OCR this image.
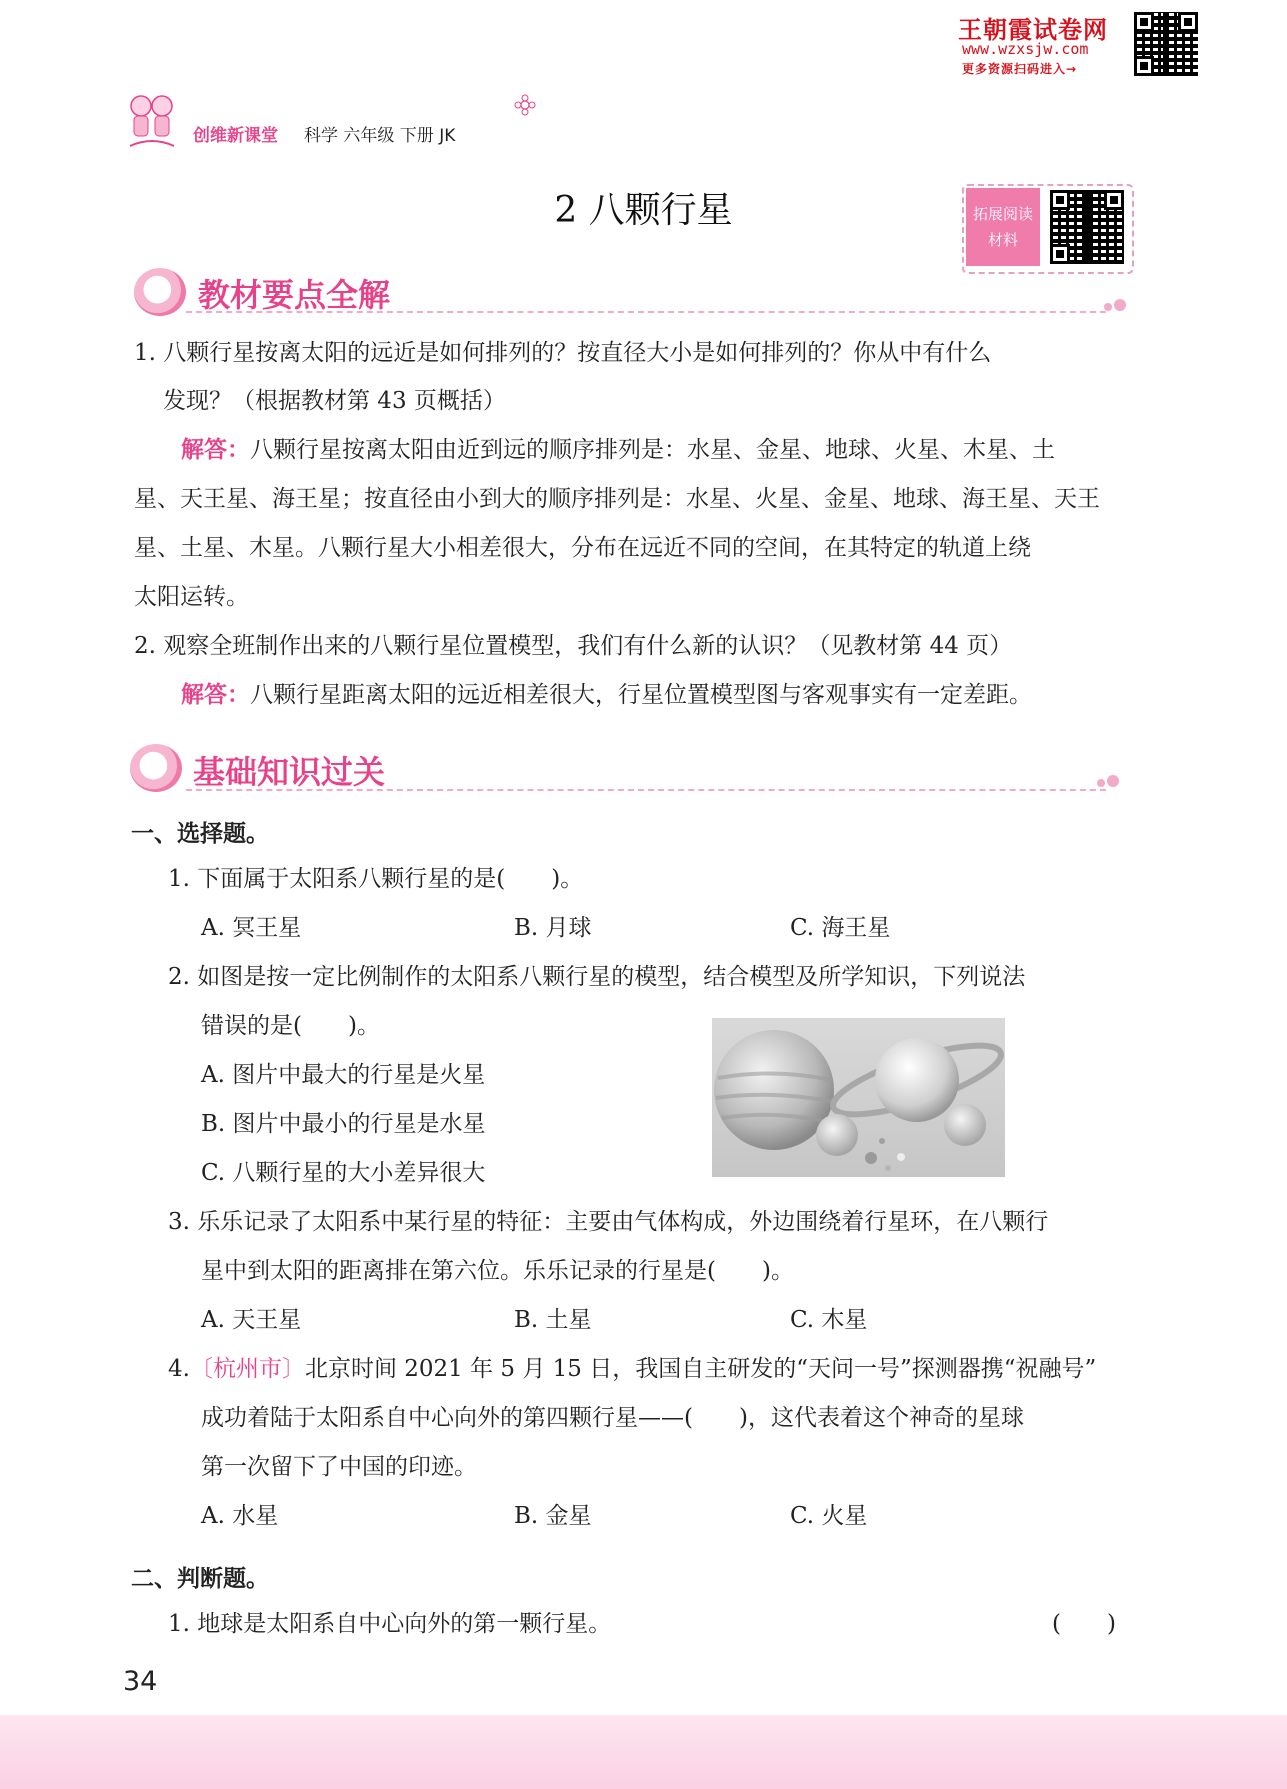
王朝霞试卷网
www.wzxsjw.com
更多资源扫码进入→
创维新课堂 科学 六年级 下册 JK
2 八颗行星	拓展阅读
材料
教材要点全解
1. 八颗行星按离太阳的远近是如何排列的？按直径大小是如何排列的？你从中有什么
发现？（根据教材第 43 页概括）
解答：八颗行星按离太阳由近到远的顺序排列是：水星、金星、地球、火星、木星、土
星、天王星、海王星；按直径由小到大的顺序排列是：水星、火星、金星、地球、海王星、天王
星、土星、木星。八颗行星大小相差很大，分布在远近不同的空间，在其特定的轨道上绕
太阳运转。
2. 观察全班制作出来的八颗行星位置模型，我们有什么新的认识？（见教材第 44 页）
解答：八颗行星距离太阳的远近相差很大，行星位置模型图与客观事实有一定差距。
基础知识过关
一、选择题。
1. 下面属于太阳系八颗行星的是(　　)。
A. 冥王星	B. 月球	C. 海王星
2. 如图是按一定比例制作的太阳系八颗行星的模型，结合模型及所学知识，下列说法
错误的是(　　)。
A. 图片中最大的行星是火星
B. 图片中最小的行星是水星
C. 八颗行星的大小差异很大
3. 乐乐记录了太阳系中某行星的特征：主要由气体构成，外边围绕着行星环，在八颗行
星中到太阳的距离排在第六位。乐乐记录的行星是(　　)。
A. 天王星	B. 土星	C. 木星
4.〔杭州市〕北京时间 2021 年 5 月 15 日，我国自主研发的“天问一号”探测器携“祝融号”
成功着陆于太阳系自中心向外的第四颗行星——(　　)，这代表着这个神奇的星球
第一次留下了中国的印迹。
A. 水星	B. 金星	C. 火星
二、判断题。
1. 地球是太阳系自中心向外的第一颗行星。	(　　)
34
